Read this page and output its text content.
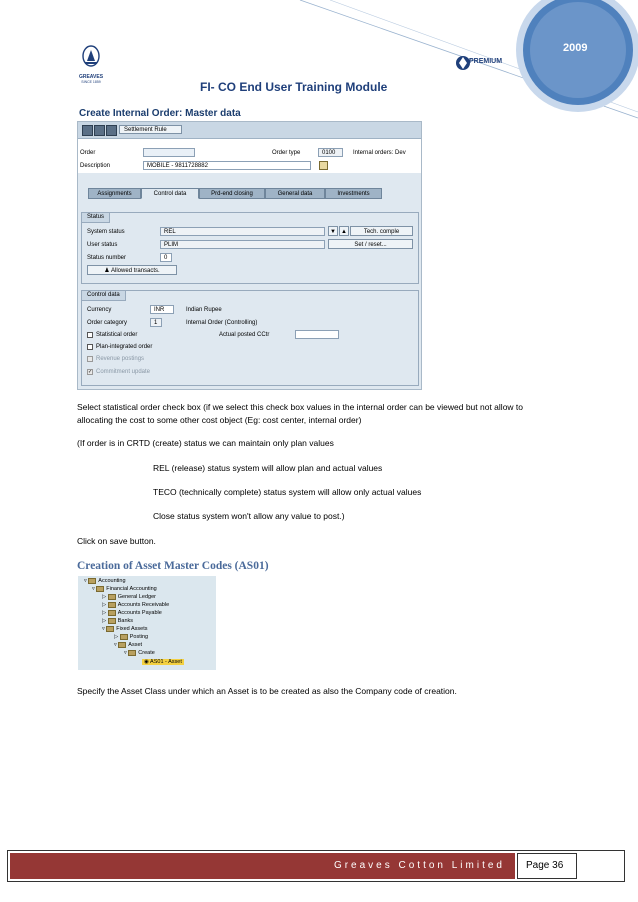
2009
GREAVES
SINCE 1859
PREMIUM
FI- CO End User Training Module
Create Internal Order: Master data
Settlement Rule
Order	Order type	0100	Internal orders: Dev
Description	MOBILE - 9811728882
Assignments	Control data	Prd-end closing	General data	Investments
Status
System status	REL
User status	PLIM
Status number	0
♟ Allowed transacts.
▼ ▲	Tech. comple
Set / reset...
Control data
Currency	INR	Indian Rupee
Order category	1	Internal Order (Controlling)
Actual posted CCtr
Statistical order
Plan-integrated order
Revenue postings
✓ Commitment update
Select statistical order check box (if we select this check box values in the internal order can be viewed but not allow to
allocating the cost to some other cost object (Eg: cost center, internal order)
(If order is in CRTD (create) status we can maintain only plan values
REL (release) status system will allow plan and actual values
TECO (technically complete) status system will allow only actual values
Close status system won't allow any value to post.)
Click on save button.
Creation of Asset Master Codes (AS01)
▿ Accounting
▿ Financial Accounting
▷ General Ledger
▷ Accounts Receivable
▷ Accounts Payable
▷ Banks
▿ Fixed Assets
▷ Posting
▿ Asset
▿ Create
◉ AS01 - Asset
Specify the Asset Class under which an Asset is to be created as also the Company code of creation.
Greaves Cotton Limited	Page 36
